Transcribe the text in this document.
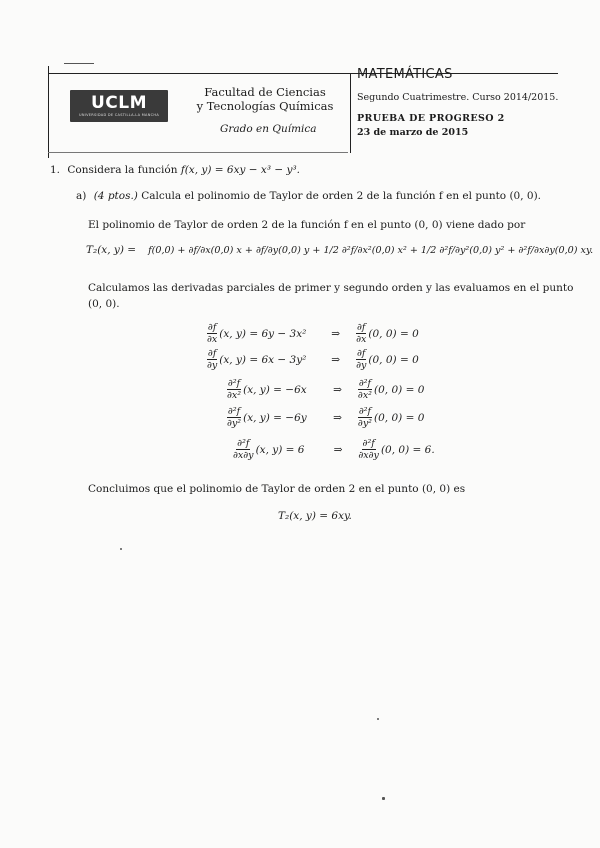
UCLM
UNIVERSIDAD DE CASTILLA-LA MANCHA
Facultad de Ciencias
y Tecnologías Químicas
Grado en Química
MATEMÁTICAS
Segundo Cuatrimestre. Curso 2014/2015.
PRUEBA DE PROGRESO 2
23 de marzo de 2015
1. Considera la función f(x, y) = 6xy − x³ − y³.
a) (4 ptos.) Calcula el polinomio de Taylor de orden 2 de la función f en el punto (0, 0).
El polinomio de Taylor de orden 2 de la función f en el punto (0, 0) viene dado por
T₂(x, y) = f(0,0) + ∂f/∂x(0,0) x + ∂f/∂y(0,0) y + 1/2 ∂²f/∂x²(0,0) x² + 1/2 ∂²f/∂y²(0,0) y² + ∂²f/∂x∂y(0,0) xy.
Calculamos las derivadas parciales de primer y segundo orden y las evaluamos en el punto
(0, 0).
$\frac{\partial f}{\partial x} (x$, y) = 6y − 3x²	⇒ $\frac{\partial f}{\partial x} (0$, 0) = 0
$\frac{\partial f}{\partial y} (x$, y) = 6x − 3y²	⇒ $\frac{\partial f}{\partial y} (0$, 0) = 0
$\frac{\text{∂²f}}{\text{∂x²}} (x$, y) = −6x	⇒ $\frac{\text{∂²f}}{\text{∂x²}} (0$, 0) = 0
$\frac{\text{∂²f}}{\text{∂y²}} (x$, y) = −6y	⇒ $\frac{\text{∂²f}}{\text{∂y²}} (0$, 0) = 0
$\frac{\text{∂²f}}{\partial x\partial y} (x$, y) = 6	⇒ $\frac{\text{∂²f}}{\partial x\partial y} (0$, 0) = 6.
Concluimos que el polinomio de Taylor de orden 2 en el punto (0, 0) es
T₂(x, y) = 6xy.
